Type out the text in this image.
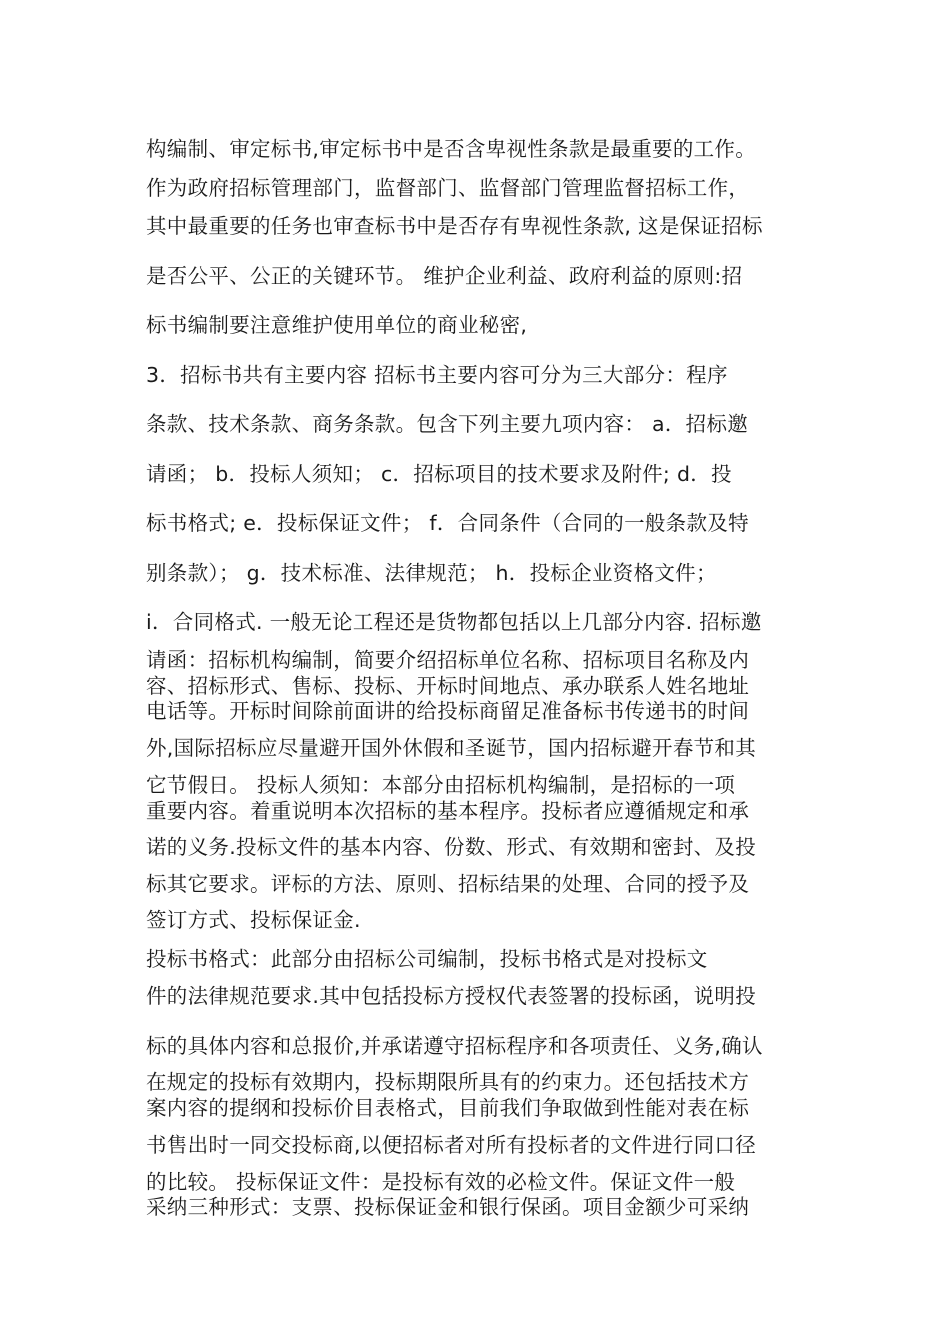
构编制、审定标书,审定标书中是否含卑视性条款是最重要的工作。
作为政府招标管理部门，监督部门、监督部门管理监督招标工作，
其中最重要的任务也审查标书中是否存有卑视性条款, 这是保证招标
是否公平、公正的关键环节。 维护企业利益、政府利益的原则:招
标书编制要注意维护使用单位的商业秘密,
3．招标书共有主要内容 招标书主要内容可分为三大部分：程序
条款、技术条款、商务条款。包含下列主要九项内容： a．招标邀
请函； b．投标人须知； c．招标项目的技术要求及附件; d．投
标书格式; e．投标保证文件； f．合同条件（合同的一般条款及特
别条款）； g．技术标准、法律规范； h．投标企业资格文件；
i．合同格式. 一般无论工程还是货物都包括以上几部分内容. 招标邀
请函：招标机构编制，简要介绍招标单位名称、招标项目名称及内
容、招标形式、售标、投标、开标时间地点、承办联系人姓名地址
电话等。开标时间除前面讲的给投标商留足准备标书传递书的时间
外,国际招标应尽量避开国外休假和圣诞节，国内招标避开春节和其
它节假日。 投标人须知：本部分由招标机构编制，是招标的一项
重要内容。着重说明本次招标的基本程序。投标者应遵循规定和承
诺的义务.投标文件的基本内容、份数、形式、有效期和密封、及投
标其它要求。评标的方法、原则、招标结果的处理、合同的授予及
签订方式、投标保证金.
投标书格式：此部分由招标公司编制，投标书格式是对投标文
件的法律规范要求.其中包括投标方授权代表签署的投标函，说明投
标的具体内容和总报价,并承诺遵守招标程序和各项责任、义务,确认
在规定的投标有效期内，投标期限所具有的约束力。还包括技术方
案内容的提纲和投标价目表格式，目前我们争取做到性能对表在标
书售出时一同交投标商,以便招标者对所有投标者的文件进行同口径
的比较。 投标保证文件：是投标有效的必检文件。保证文件一般
采纳三种形式：支票、投标保证金和银行保函。项目金额少可采纳
